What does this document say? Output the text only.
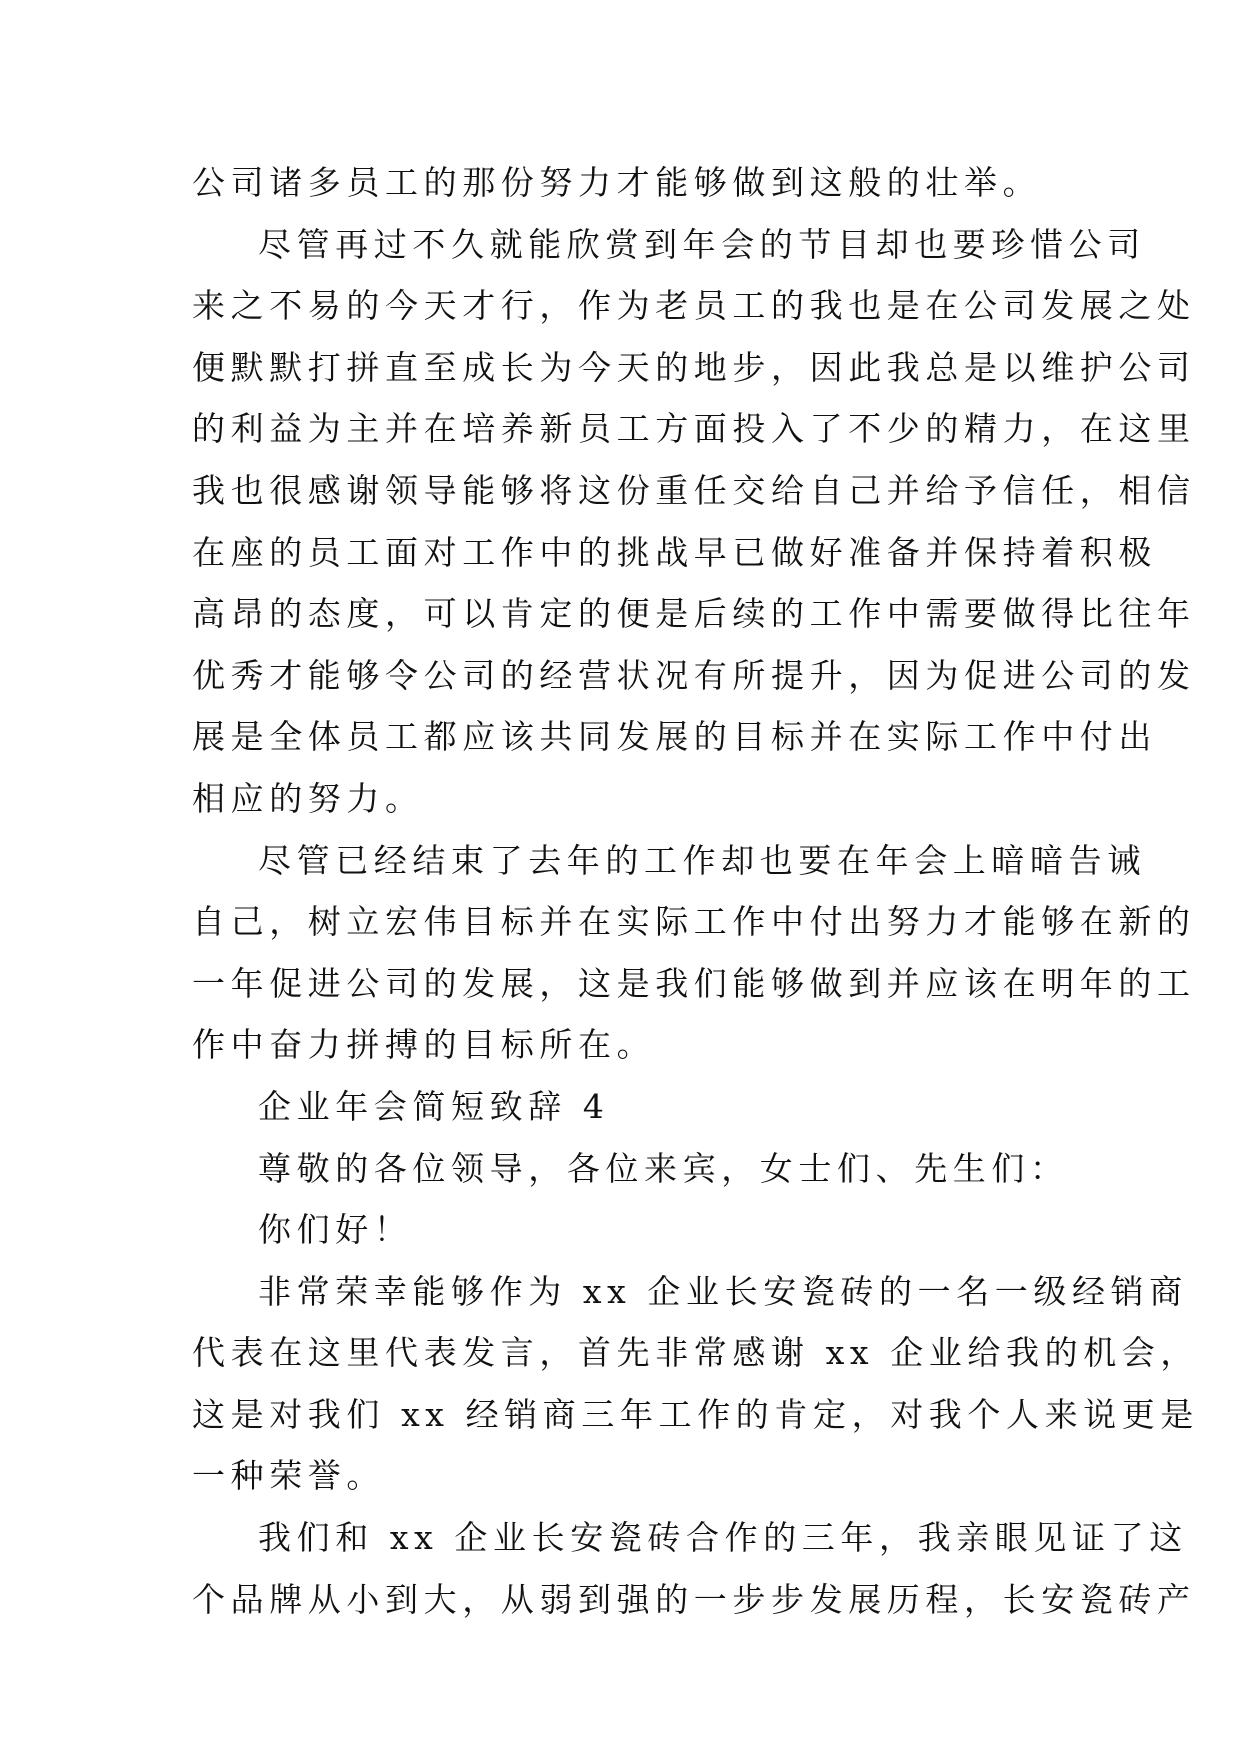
公司诸多员工的那份努力才能够做到这般的壮举。
尽管再过不久就能欣赏到年会的节目却也要珍惜公司
来之不易的今天才行，作为老员工的我也是在公司发展之处
便默默打拼直至成长为今天的地步，因此我总是以维护公司
的利益为主并在培养新员工方面投入了不少的精力，在这里
我也很感谢领导能够将这份重任交给自己并给予信任，相信
在座的员工面对工作中的挑战早已做好准备并保持着积极
高昂的态度，可以肯定的便是后续的工作中需要做得比往年
优秀才能够令公司的经营状况有所提升，因为促进公司的发
展是全体员工都应该共同发展的目标并在实际工作中付出
相应的努力。
尽管已经结束了去年的工作却也要在年会上暗暗告诫
自己，树立宏伟目标并在实际工作中付出努力才能够在新的
一年促进公司的发展，这是我们能够做到并应该在明年的工
作中奋力拼搏的目标所在。
企业年会简短致辞 4
尊敬的各位领导，各位来宾，女士们、先生们：
你们好！
非常荣幸能够作为 xx 企业长安瓷砖的一名一级经销商
代表在这里代表发言，首先非常感谢 xx 企业给我的机会，
这是对我们 xx 经销商三年工作的肯定，对我个人来说更是
一种荣誉。
我们和 xx 企业长安瓷砖合作的三年，我亲眼见证了这
个品牌从小到大，从弱到强的一步步发展历程，长安瓷砖产
